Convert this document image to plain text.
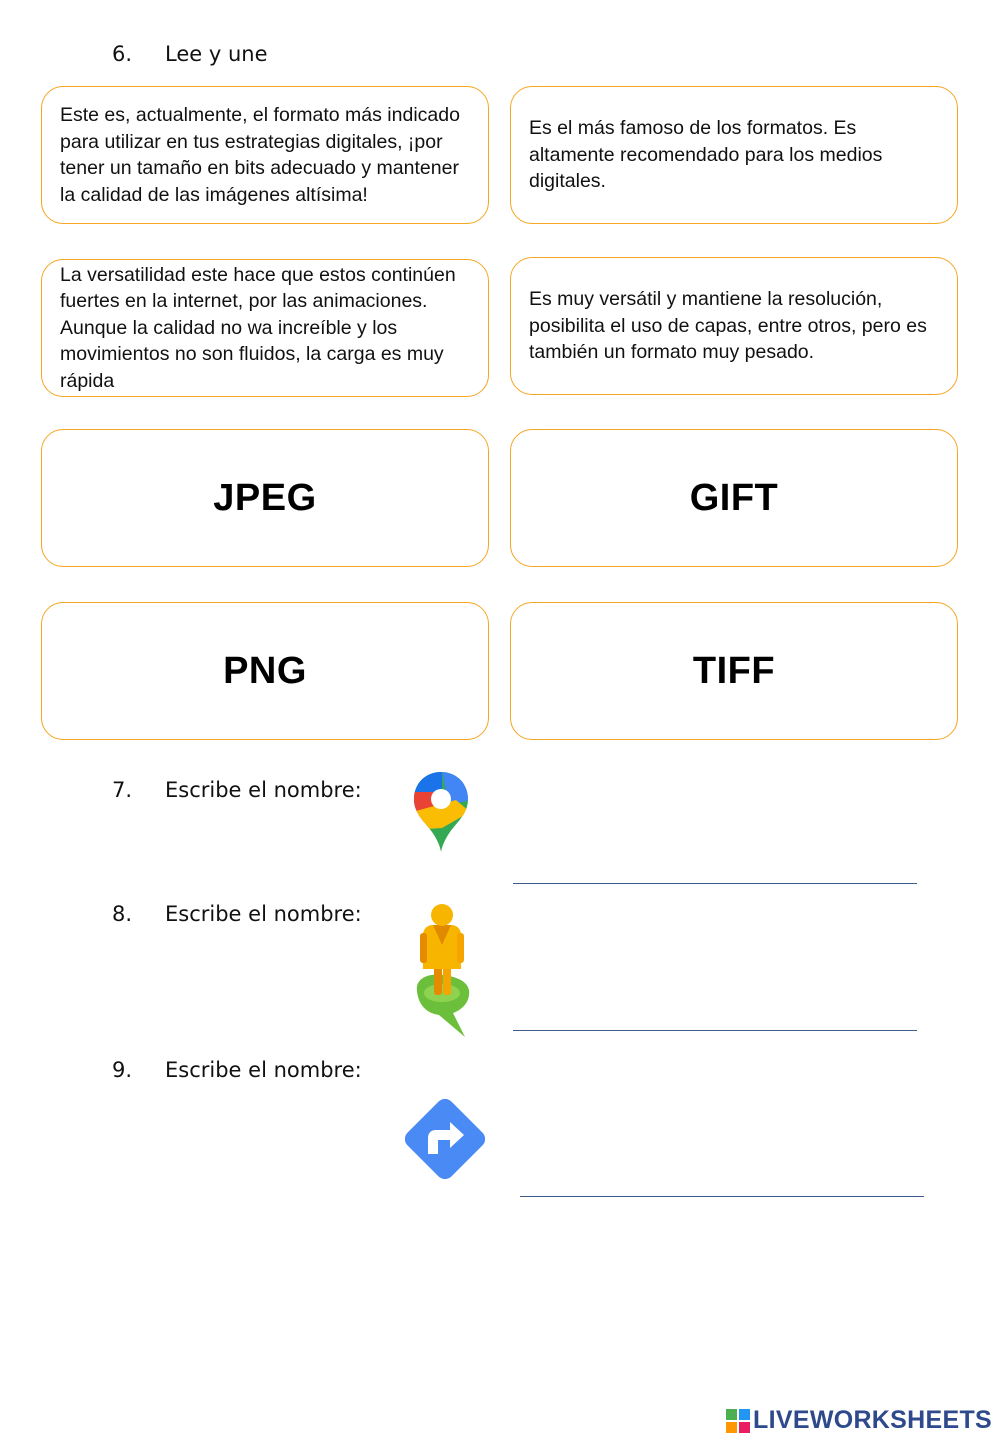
6. Lee y une
Este es, actualmente, el formato más indicado para utilizar en tus estrategias digitales, ¡por tener un tamaño en bits adecuado y mantener la calidad de las imágenes altísima!
Es el más famoso de los formatos. Es altamente recomendado para los medios digitales.
La versatilidad este hace que estos continúen fuertes en la internet, por las animaciones. Aunque la calidad no wa increíble y los movimientos no son fluidos, la carga es muy rápida
Es muy versátil y mantiene la resolución, posibilita el uso de capas, entre otros, pero es también un formato muy pesado.
JPEG	GIFT
PNG	TIFF
7. Escribe el nombre:
8. Escribe el nombre:
9. Escribe el nombre:
LIVEWORKSHEETS
